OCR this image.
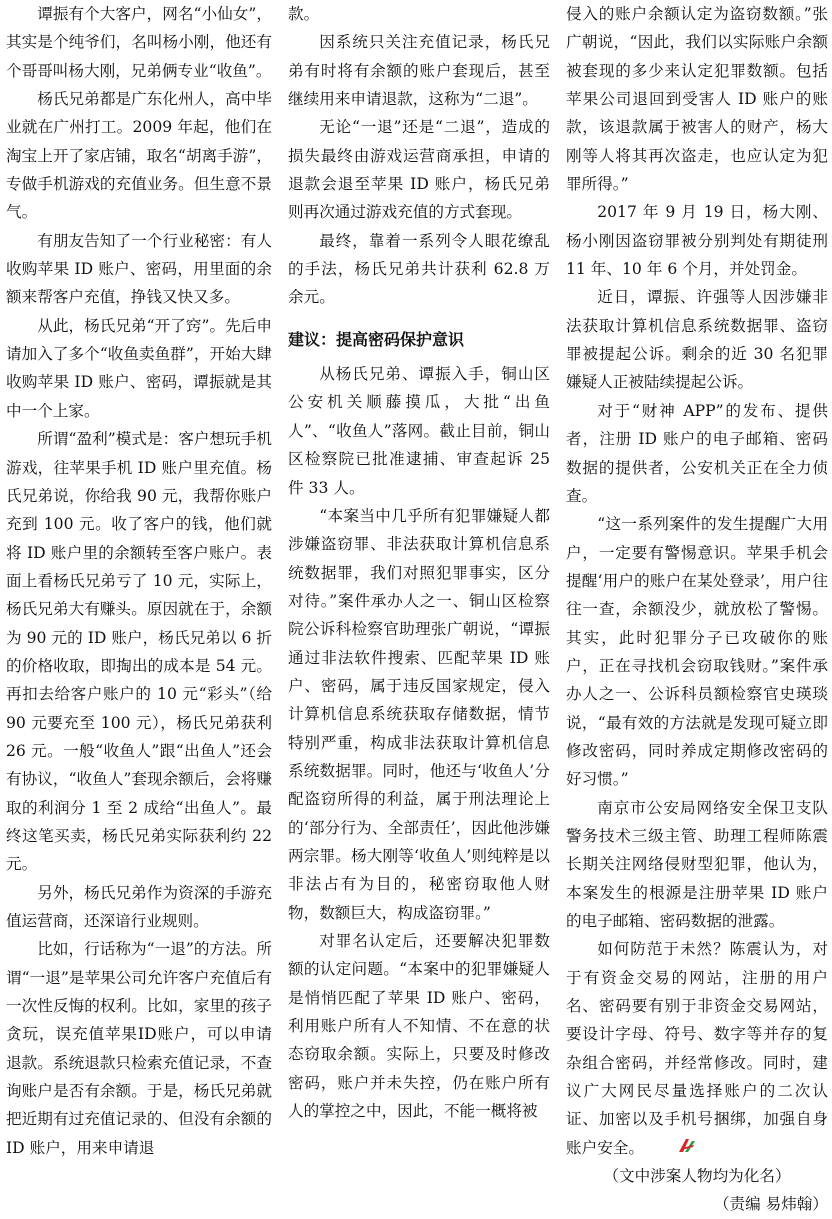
谭振有个大客户，网名“小仙女”，其实是个纯爷们，名叫杨小刚，他还有个哥哥叫杨大刚，兄弟俩专业“收鱼”。

杨氏兄弟都是广东化州人，高中毕业就在广州打工。2009 年起，他们在淘宝上开了家店铺，取名“胡离手游”，专做手机游戏的充值业务。但生意不景气。

有朋友告知了一个行业秘密：有人收购苹果 ID 账户、密码，用里面的余额来帮客户充值，挣钱又快又多。

从此，杨氏兄弟“开了窍”。先后申请加入了多个“收鱼卖鱼群”，开始大肆收购苹果 ID 账户、密码，谭振就是其中一个上家。

所谓“盈利”模式是：客户想玩手机游戏，往苹果手机 ID 账户里充值。杨氏兄弟说，你给我 90 元，我帮你账户充到 100 元。收了客户的钱，他们就将 ID 账户里的余额转至客户账户。表面上看杨氏兄弟亏了 10 元，实际上，杨氏兄弟大有赚头。原因就在于，余额为 90 元的 ID 账户，杨氏兄弟以 6 折的价格收取，即掏出的成本是 54 元。再扣去给客户账户的 10 元“彩头”（给 90 元要充至 100 元），杨氏兄弟获利 26 元。一般“收鱼人”跟“出鱼人”还会有协议，“收鱼人”套现余额后，会将赚取的利润分 1 至 2 成给“出鱼人”。最终这笔买卖，杨氏兄弟实际获利约 22 元。

另外，杨氏兄弟作为资深的手游充值运营商，还深谙行业规则。

比如，行话称为“一退”的方法。所谓“一退”是苹果公司允许客户充值后有一次性反悔的权利。比如，家里的孩子贪玩，误充值苹果ID账户，可以申请退款。系统退款只检索充值记录，不查询账户是否有余额。于是，杨氏兄弟就把近期有过充值记录的、但没有余额的 ID 账户，用来申请退

款。

因系统只关注充值记录，杨氏兄弟有时将有余额的账户套现后，甚至继续用来申请退款，这称为“二退”。

无论“一退”还是“二退”，造成的损失最终由游戏运营商承担，申请的退款会退至苹果 ID 账户，杨氏兄弟则再次通过游戏充值的方式套现。

最终，靠着一系列令人眼花缭乱的手法，杨氏兄弟共计获利 62.8 万余元。

建议：提高密码保护意识

从杨氏兄弟、谭振入手，铜山区公安机关顺藤摸瓜，大批“出鱼人”、“收鱼人”落网。截止目前，铜山区检察院已批准逮捕、审查起诉 25 件 33 人。

“本案当中几乎所有犯罪嫌疑人都涉嫌盗窃罪、非法获取计算机信息系统数据罪，我们对照犯罪事实，区分对待。”案件承办人之一、铜山区检察院公诉科检察官助理张广朝说，“谭振通过非法软件搜索、匹配苹果 ID 账户、密码，属于违反国家规定，侵入计算机信息系统获取存储数据，情节特别严重，构成非法获取计算机信息系统数据罪。同时，他还与‘收鱼人’分配盗窃所得的利益，属于刑法理论上的‘部分行为、全部责任’，因此他涉嫌两宗罪。杨大刚等‘收鱼人’则纯粹是以非法占有为目的，秘密窃取他人财物，数额巨大，构成盗窃罪。”

对罪名认定后，还要解决犯罪数额的认定问题。“本案中的犯罪嫌疑人是悄悄匹配了苹果 ID 账户、密码，利用账户所有人不知情、不在意的状态窃取余额。实际上，只要及时修改密码，账户并未失控，仍在账户所有人的掌控之中，因此，不能一概将被

侵入的账户余额认定为盗窃数额。”张广朝说，“因此，我们以实际账户余额被套现的多少来认定犯罪数额。包括苹果公司退回到受害人 ID 账户的账款，该退款属于被害人的财产，杨大刚等人将其再次盗走，也应认定为犯罪所得。”

2017 年 9 月 19 日，杨大刚、杨小刚因盗窃罪被分别判处有期徒刑 11 年、10 年 6 个月，并处罚金。

近日，谭振、许强等人因涉嫌非法获取计算机信息系统数据罪、盗窃罪被提起公诉。剩余的近 30 名犯罪嫌疑人正被陆续提起公诉。

对于“财神 APP”的发布、提供者，注册 ID 账户的电子邮箱、密码数据的提供者，公安机关正在全力侦查。

“这一系列案件的发生提醒广大用户，一定要有警惕意识。苹果手机会提醒‘用户的账户在某处登录’，用户往往一查，余额没少，就放松了警惕。其实，此时犯罪分子已攻破你的账户，正在寻找机会窃取钱财。”案件承办人之一、公诉科员额检察官史瑛琰说，“最有效的方法就是发现可疑立即修改密码，同时养成定期修改密码的好习惯。”

南京市公安局网络安全保卫支队警务技术三级主管、助理工程师陈震长期关注网络侵财型犯罪，他认为，本案发生的根源是注册苹果 ID 账户的电子邮箱、密码数据的泄露。

如何防范于未然？陈震认为，对于有资金交易的网站，注册的用户名、密码要有别于非资金交易网站，要设计字母、符号、数字等并存的复杂组合密码，并经常修改。同时，建议广大网民尽量选择账户的二次认证、加密以及手机号捆绑，加强自身账户安全。

（文中涉案人物均为化名）

（责编 易炜翰）
